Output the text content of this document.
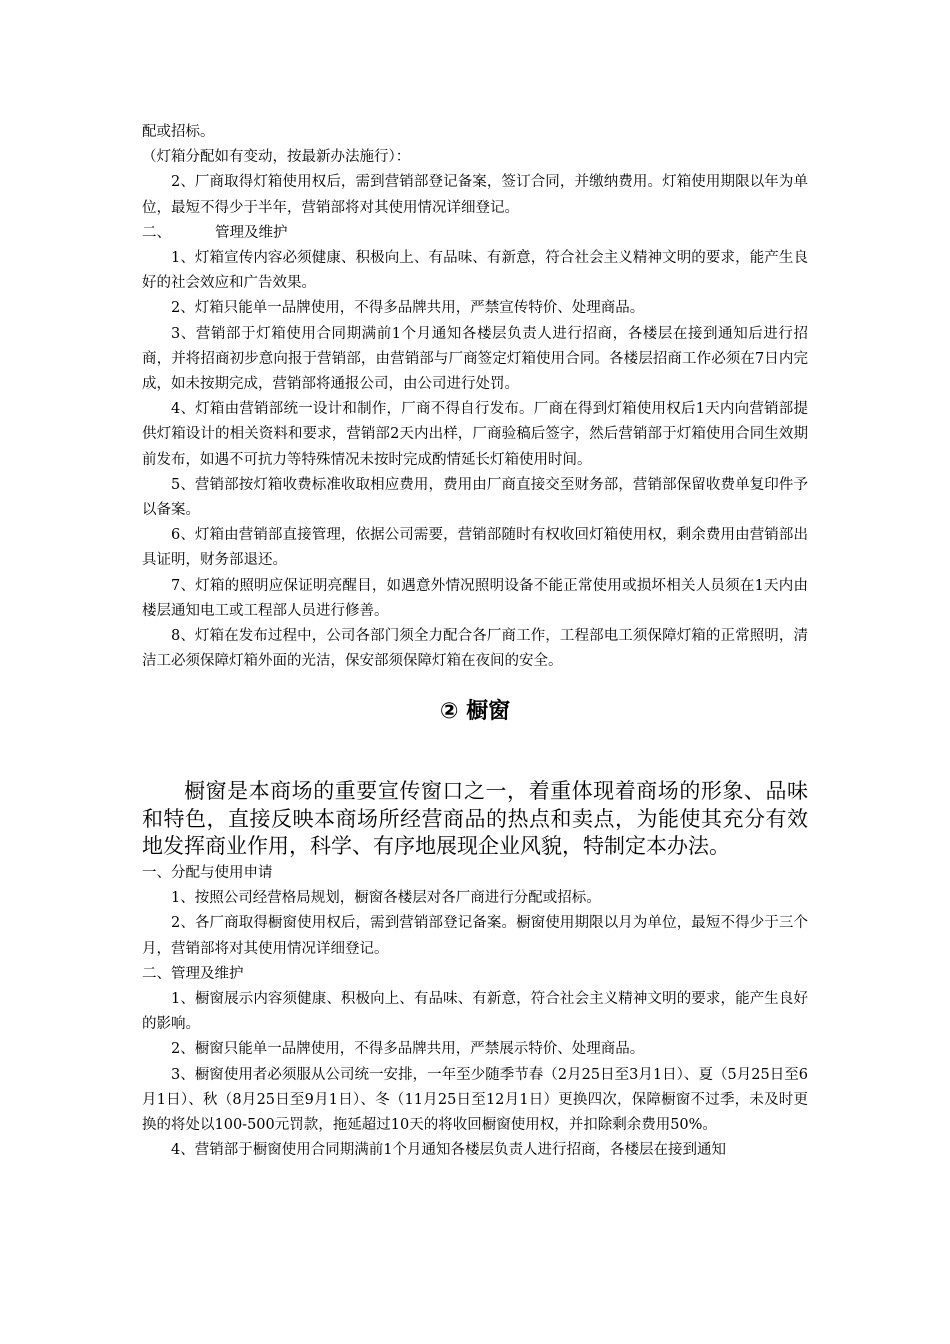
配或招标。

（灯箱分配如有变动，按最新办法施行）：

2、厂商取得灯箱使用权后，需到营销部登记备案，签订合同，并缴纳费用。灯箱使用期限以年为单位，最短不得少于半年，营销部将对其使用情况详细登记。

二、	管理及维护

1、灯箱宣传内容必须健康、积极向上、有品味、有新意，符合社会主义精神文明的要求，能产生良好的社会效应和广告效果。

2、灯箱只能单一品牌使用，不得多品牌共用，严禁宣传特价、处理商品。

3、营销部于灯箱使用合同期满前1个月通知各楼层负责人进行招商，各楼层在接到通知后进行招商，并将招商初步意向报于营销部，由营销部与厂商签定灯箱使用合同。各楼层招商工作必须在7日内完成，如未按期完成，营销部将通报公司，由公司进行处罚。

4、灯箱由营销部统一设计和制作，厂商不得自行发布。厂商在得到灯箱使用权后1天内向营销部提供灯箱设计的相关资料和要求，营销部2天内出样，厂商验稿后签字，然后营销部于灯箱使用合同生效期前发布，如遇不可抗力等特殊情况未按时完成酌情延长灯箱使用时间。

5、营销部按灯箱收费标准收取相应费用，费用由厂商直接交至财务部，营销部保留收费单复印件予以备案。

6、灯箱由营销部直接管理，依据公司需要，营销部随时有权收回灯箱使用权，剩余费用由营销部出具证明，财务部退还。

7、灯箱的照明应保证明亮醒目，如遇意外情况照明设备不能正常使用或损坏相关人员须在1天内由楼层通知电工或工程部人员进行修善。

8、灯箱在发布过程中，公司各部门须全力配合各厂商工作，工程部电工须保障灯箱的正常照明，清洁工必须保障灯箱外面的光洁，保安部须保障灯箱在夜间的安全。

② 橱窗

橱窗是本商场的重要宣传窗口之一，着重体现着商场的形象、品味和特色，直接反映本商场所经营商品的热点和卖点，为能使其充分有效地发挥商业作用，科学、有序地展现企业风貌，特制定本办法。

一、分配与使用申请

1、按照公司经营格局规划，橱窗各楼层对各厂商进行分配或招标。

2、各厂商取得橱窗使用权后，需到营销部登记备案。橱窗使用期限以月为单位，最短不得少于三个月，营销部将对其使用情况详细登记。

二、管理及维护

1、橱窗展示内容须健康、积极向上、有品味、有新意，符合社会主义精神文明的要求，能产生良好的影响。

2、橱窗只能单一品牌使用，不得多品牌共用，严禁展示特价、处理商品。

3、橱窗使用者必须服从公司统一安排，一年至少随季节春（2月25日至3月1日）、夏（5月25日至6月1日）、秋（8月25日至9月1日）、冬（11月25日至12月1日）更换四次，保障橱窗不过季，未及时更换的将处以100-500元罚款，拖延超过10天的将收回橱窗使用权，并扣除剩余费用50%。

4、营销部于橱窗使用合同期满前1个月通知各楼层负责人进行招商，各楼层在接到通知
